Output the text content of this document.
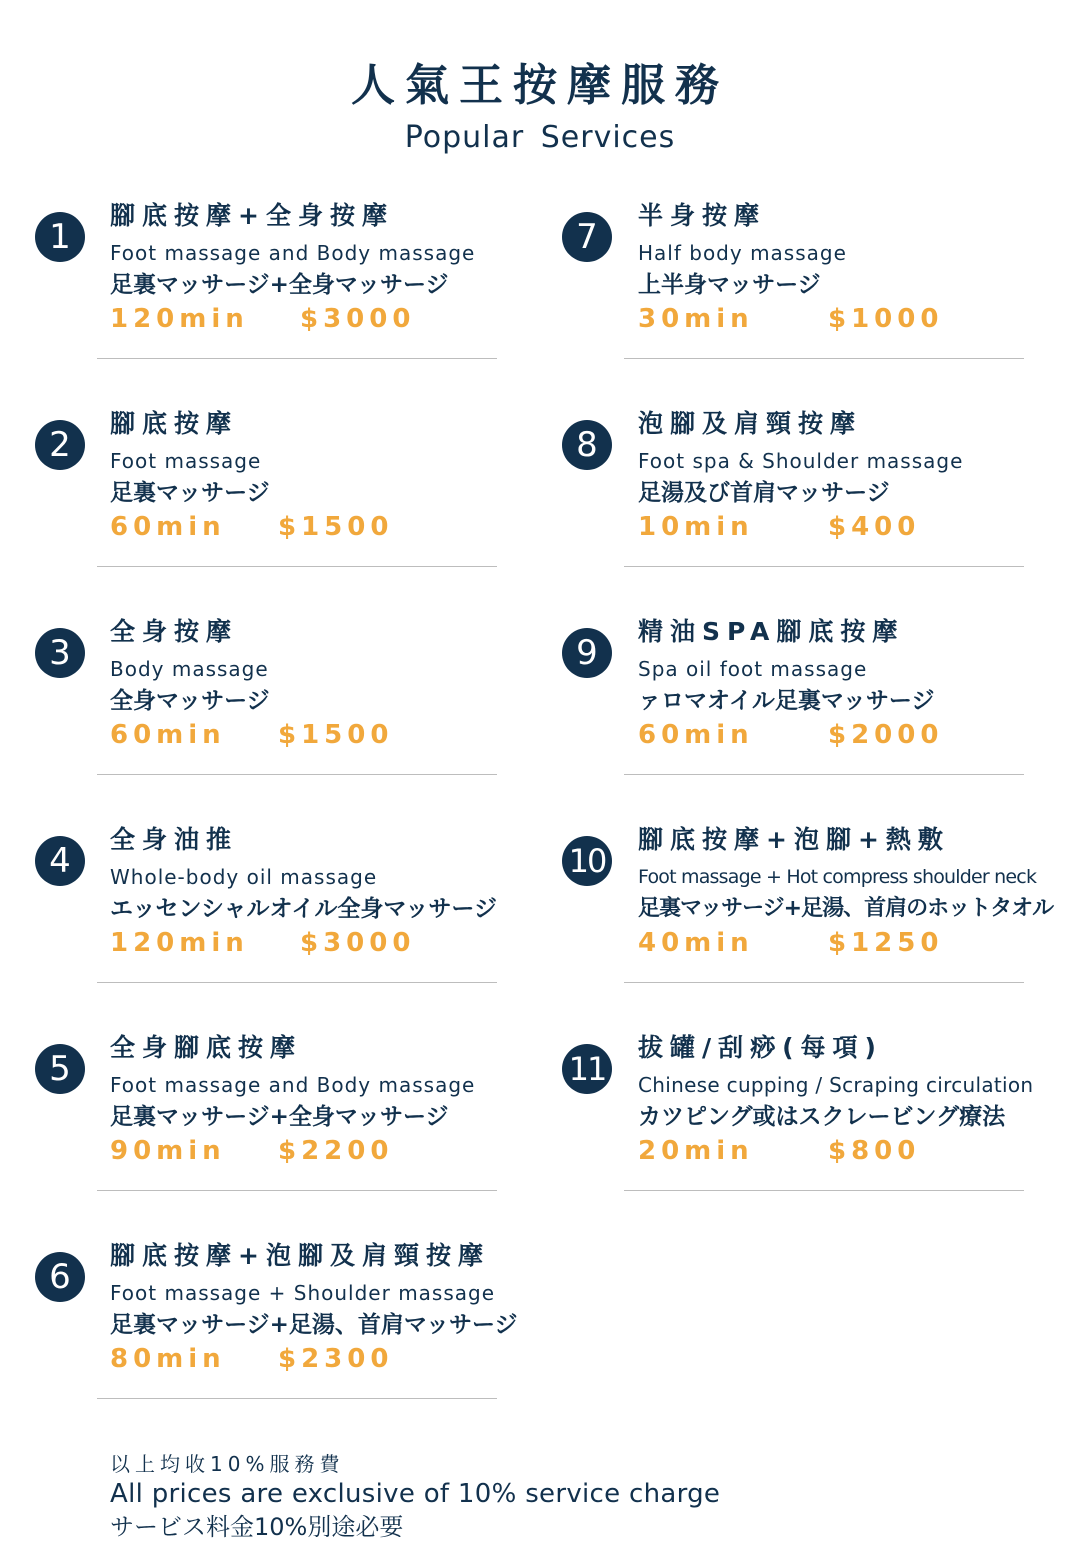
人氣王按摩服務
Popular Services
1
腳底按摩+全身按摩
Foot massage and Body massage
足裏マッサージ+全身マッサージ
120min $3000
2
腳底按摩
Foot massage
足裏マッサージ
60min $1500
3
全身按摩
Body massage
全身マッサージ
60min $1500
4
全身油推
Whole-body oil massage
エッセンシャルオイル全身マッサージ
120min $3000
5
全身腳底按摩
Foot massage and Body massage
足裏マッサージ+全身マッサージ
90min $2200
6
腳底按摩+泡腳及肩頸按摩
Foot massage + Shoulder massage
足裏マッサージ+足湯、首肩マッサージ
80min $2300
7
半身按摩
Half body massage
上半身マッサージ
30min	$1000
8
泡腳及肩頸按摩
Foot spa & Shoulder massage
足湯及び首肩マッサージ
10min	$400
9
精油SPA腳底按摩
Spa oil foot massage
ァロマオイル足裏マッサージ
60min	$2000
10
腳底按摩+泡腳+熱敷
Foot massage + Hot compress shoulder neck
足裏マッサージ+足湯、首肩のホットタオル
40min	$1250
11
拔罐/刮痧(每項)
Chinese cupping / Scraping circulation
カツピング或はスクレービング療法
20min	$800
以上均收10%服務費
All prices are exclusive of 10% service charge
サービス料金10%別途必要
